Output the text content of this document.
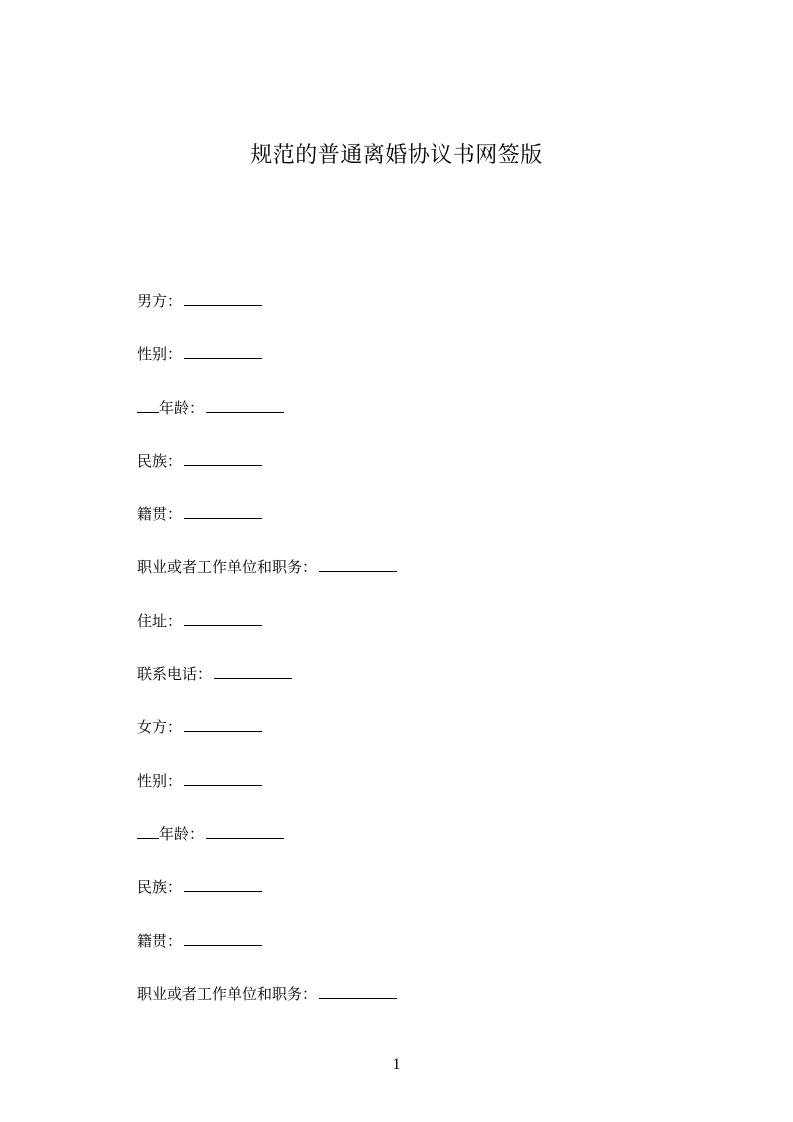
规范的普通离婚协议书网签版
男方：
性别：
年龄：
民族：
籍贯：
职业或者工作单位和职务：
住址：
联系电话：
女方：
性别：
年龄：
民族：
籍贯：
职业或者工作单位和职务：
1
